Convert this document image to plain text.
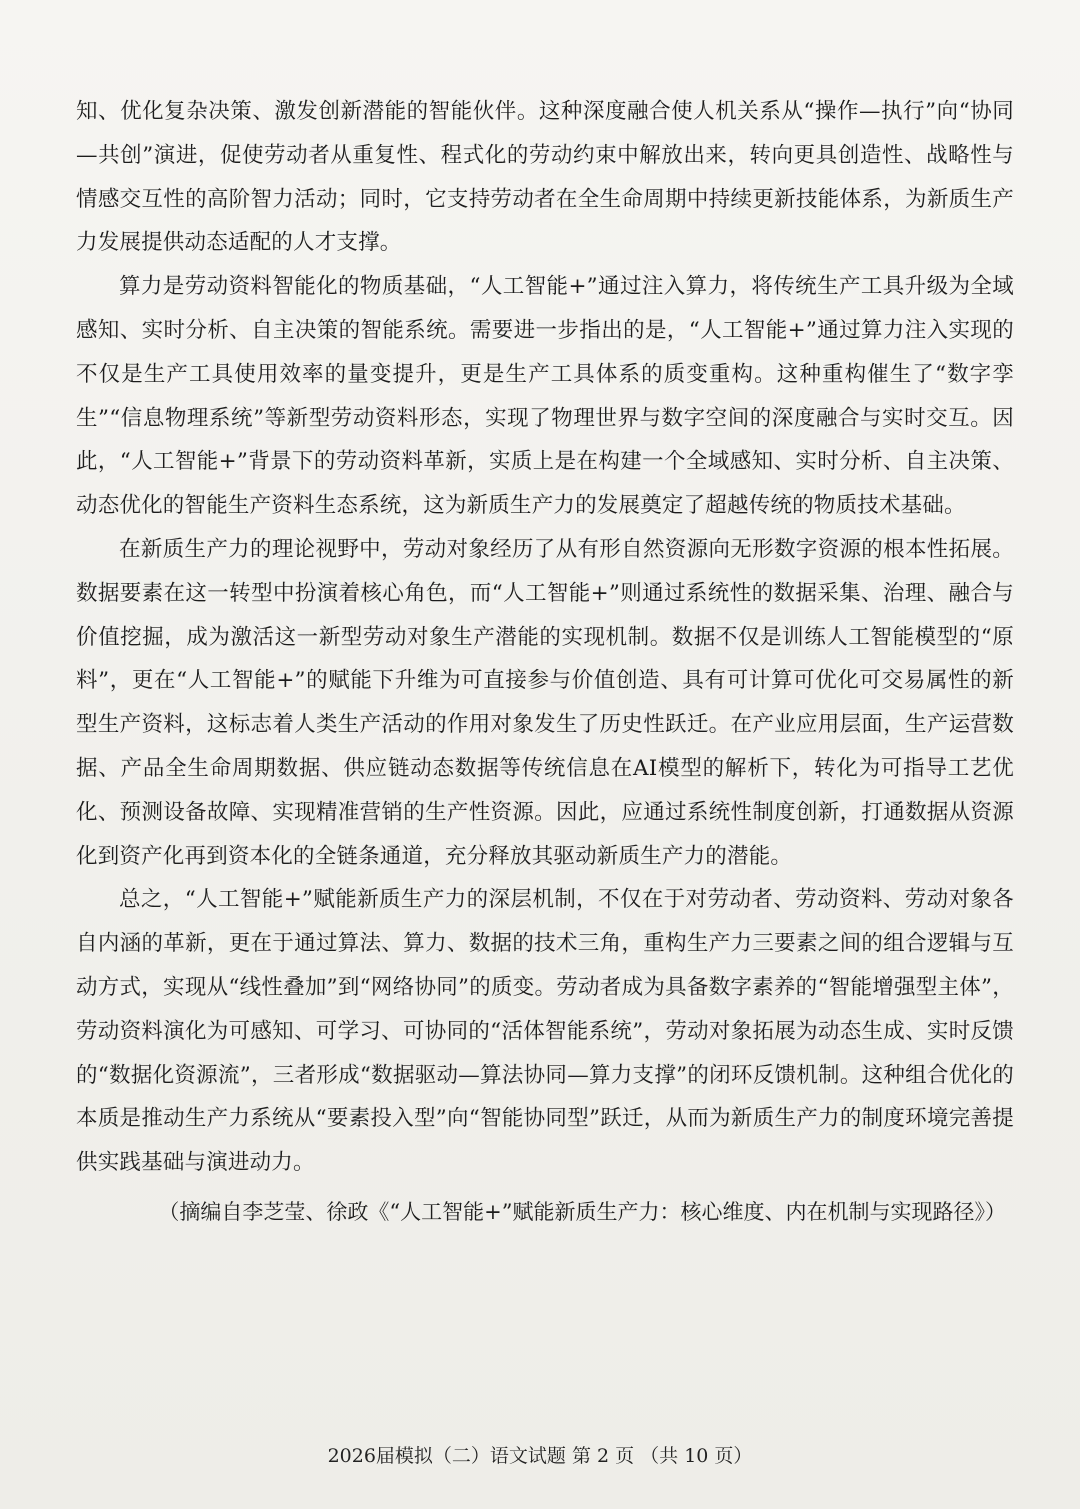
知、优化复杂决策、激发创新潜能的智能伙伴。这种深度融合使人机关系从“操作—执行”向“协同—共创”演进，促使劳动者从重复性、程式化的劳动约束中解放出来，转向更具创造性、战略性与情感交互性的高阶智力活动；同时，它支持劳动者在全生命周期中持续更新技能体系，为新质生产力发展提供动态适配的人才支撑。

算力是劳动资料智能化的物质基础，“人工智能+”通过注入算力，将传统生产工具升级为全域感知、实时分析、自主决策的智能系统。需要进一步指出的是，“人工智能+”通过算力注入实现的不仅是生产工具使用效率的量变提升，更是生产工具体系的质变重构。这种重构催生了“数字孪生”“信息物理系统”等新型劳动资料形态，实现了物理世界与数字空间的深度融合与实时交互。因此，“人工智能+”背景下的劳动资料革新，实质上是在构建一个全域感知、实时分析、自主决策、动态优化的智能生产资料生态系统，这为新质生产力的发展奠定了超越传统的物质技术基础。

在新质生产力的理论视野中，劳动对象经历了从有形自然资源向无形数字资源的根本性拓展。数据要素在这一转型中扮演着核心角色，而“人工智能+”则通过系统性的数据采集、治理、融合与价值挖掘，成为激活这一新型劳动对象生产潜能的实现机制。数据不仅是训练人工智能模型的“原料”，更在“人工智能+”的赋能下升维为可直接参与价值创造、具有可计算可优化可交易属性的新型生产资料，这标志着人类生产活动的作用对象发生了历史性跃迁。在产业应用层面，生产运营数据、产品全生命周期数据、供应链动态数据等传统信息在AI模型的解析下，转化为可指导工艺优化、预测设备故障、实现精准营销的生产性资源。因此，应通过系统性制度创新，打通数据从资源化到资产化再到资本化的全链条通道，充分释放其驱动新质生产力的潜能。

总之，“人工智能+”赋能新质生产力的深层机制，不仅在于对劳动者、劳动资料、劳动对象各自内涵的革新，更在于通过算法、算力、数据的技术三角，重构生产力三要素之间的组合逻辑与互动方式，实现从“线性叠加”到“网络协同”的质变。劳动者成为具备数字素养的“智能增强型主体”，劳动资料演化为可感知、可学习、可协同的“活体智能系统”，劳动对象拓展为动态生成、实时反馈的“数据化资源流”，三者形成“数据驱动—算法协同—算力支撑”的闭环反馈机制。这种组合优化的本质是推动生产力系统从“要素投入型”向“智能协同型”跃迁，从而为新质生产力的制度环境完善提供实践基础与演进动力。

（摘编自李芝莹、徐政《“人工智能+”赋能新质生产力：核心维度、内在机制与实现路径》）

2026届模拟（二）语文试题 第 2 页 （共 10 页）
